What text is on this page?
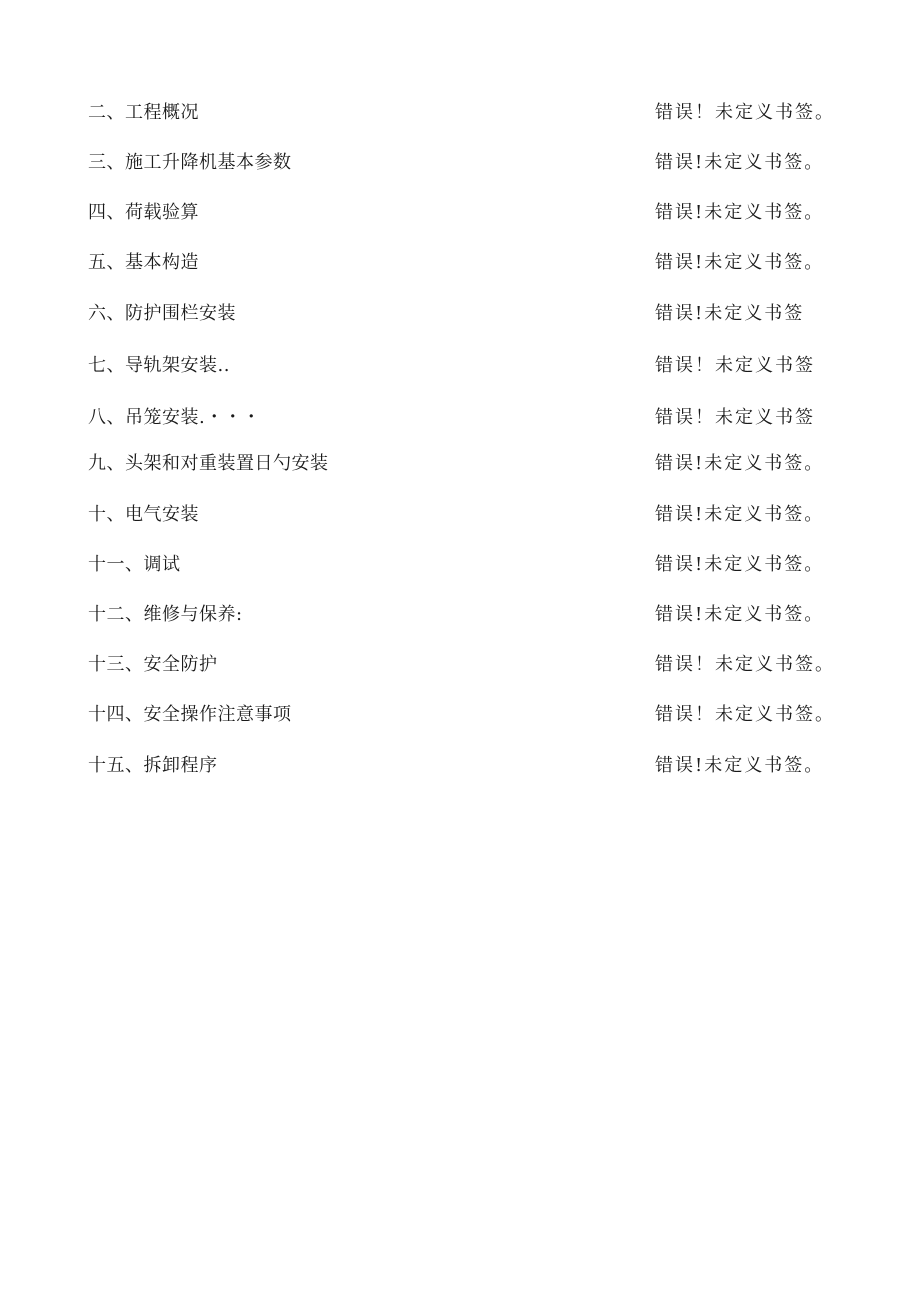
二、工程概况	错误！未定义书签。
三、施工升降机基本参数	错误!未定义书签。
四、荷载验算	错误!未定义书签。
五、基本构造	错误!未定义书签。
六、防护围栏安装	错误!未定义书签
七、导轨架安装..	错误！未定义书签
八、吊笼安装.・・・	错误！未定义书签
九、头架和对重装置日勺安装	错误!未定义书签。
十、电气安装	错误!未定义书签。
十一、调试	错误!未定义书签。
十二、维修与保养:	错误!未定义书签。
十三、安全防护	错误！未定义书签。
十四、安全操作注意事项	错误！未定义书签。
十五、拆卸程序	错误!未定义书签。
